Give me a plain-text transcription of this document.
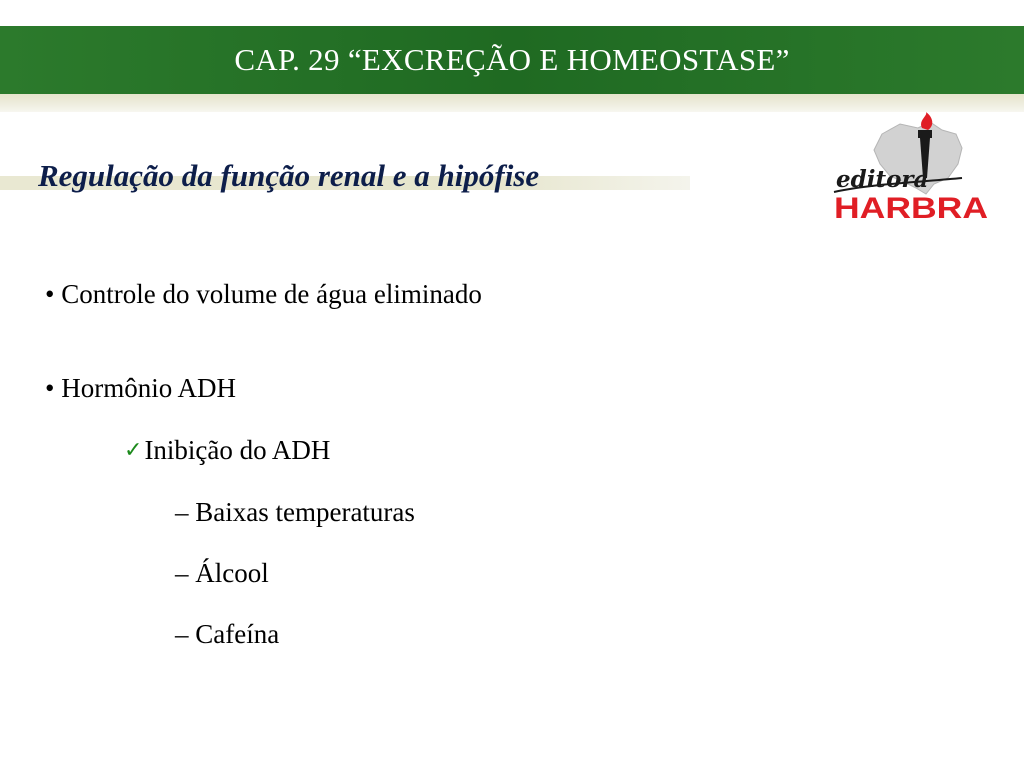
CAP. 29 “EXCREÇÃO E HOMEOSTASE”
Regulação da função renal e a hipófise	editora
HARBRA
• Controle do volume de água eliminado
• Hormônio ADH
✓Inibição do ADH
– Baixas temperaturas
– Álcool
– Cafeína
